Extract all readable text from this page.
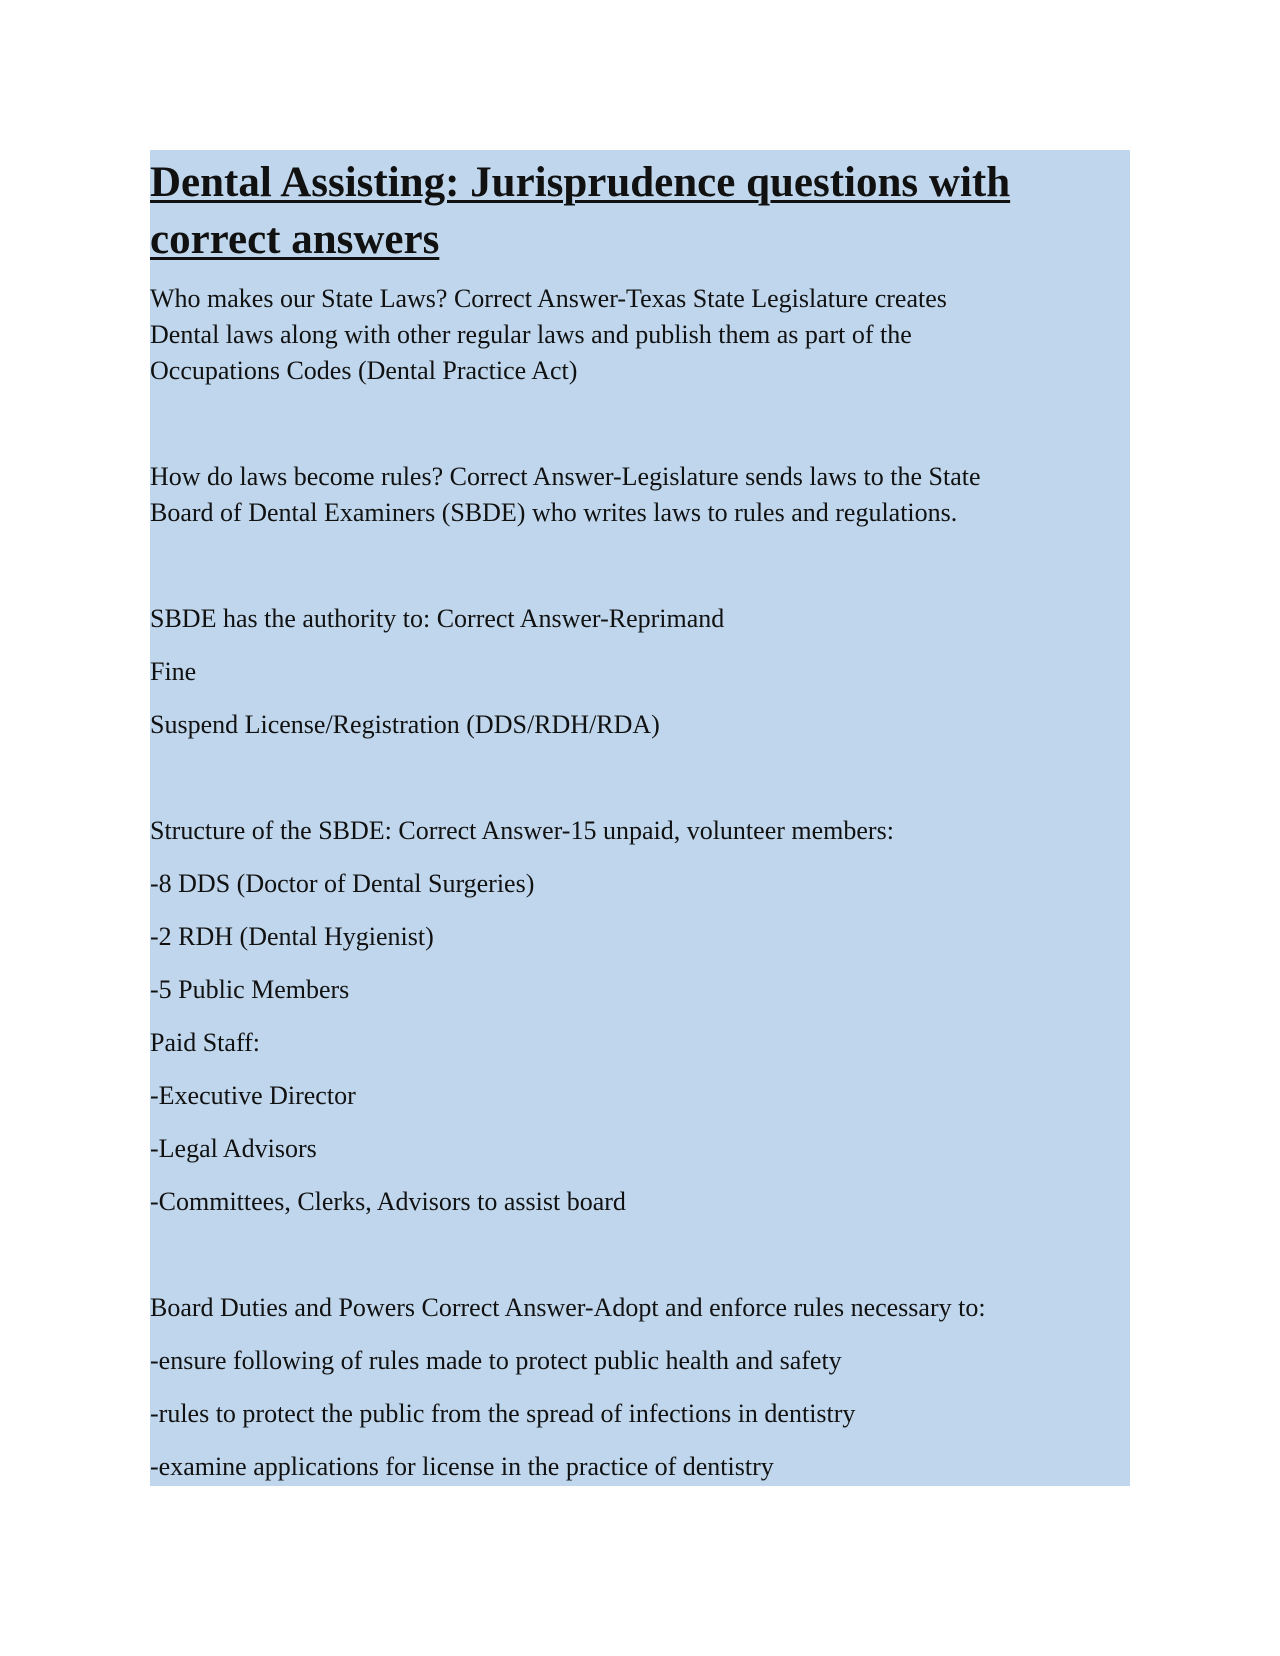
Dental Assisting: Jurisprudence questions with
correct answers

Who makes our State Laws? Correct Answer-Texas State Legislature creates

Dental laws along with other regular laws and publish them as part of the

Occupations Codes (Dental Practice Act)

How do laws become rules? Correct Answer-Legislature sends laws to the State

Board of Dental Examiners (SBDE) who writes laws to rules and regulations.

SBDE has the authority to: Correct Answer-Reprimand

Fine

Suspend License/Registration (DDS/RDH/RDA)

Structure of the SBDE: Correct Answer-15 unpaid, volunteer members:

-8 DDS (Doctor of Dental Surgeries)

-2 RDH (Dental Hygienist)

-5 Public Members

Paid Staff:

-Executive Director

-Legal Advisors

-Committees, Clerks, Advisors to assist board

Board Duties and Powers Correct Answer-Adopt and enforce rules necessary to:

-ensure following of rules made to protect public health and safety

-rules to protect the public from the spread of infections in dentistry

-examine applications for license in the practice of dentistry
